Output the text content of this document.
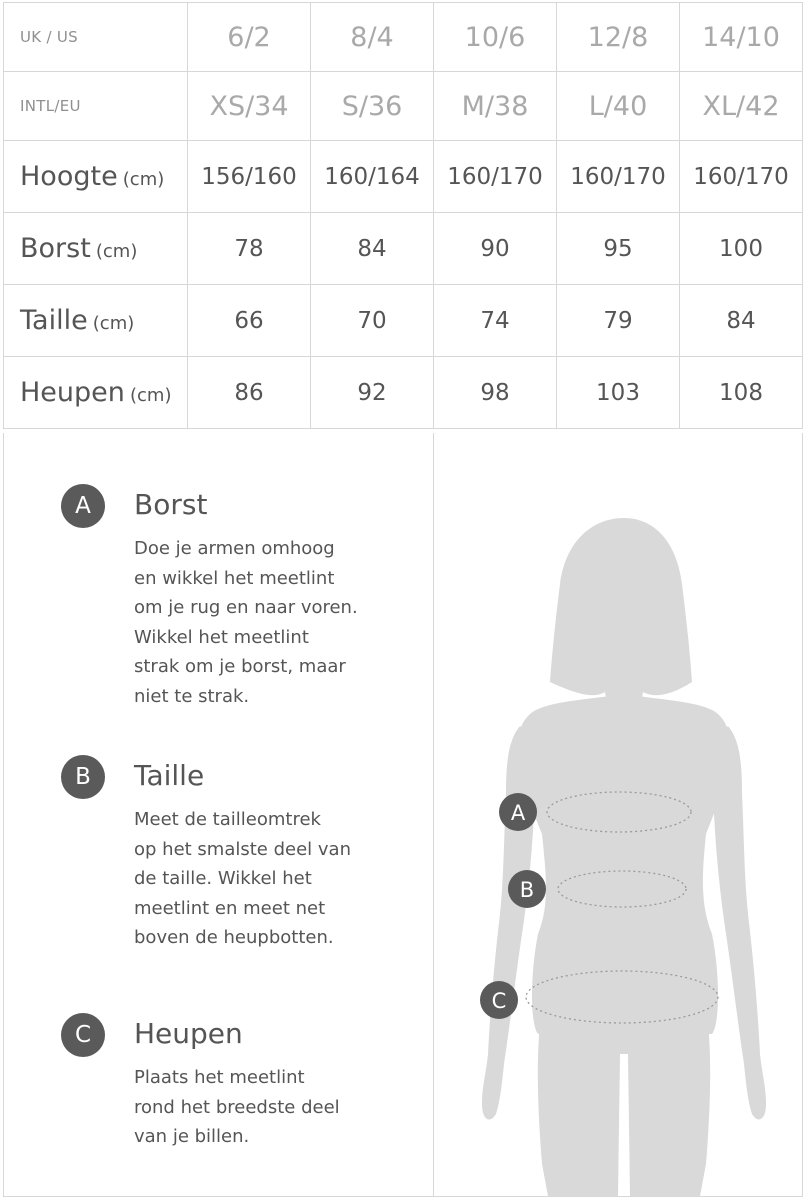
UK / US	6/2	8/4	10/6	12/8	14/10
INTL/EU	XS/34	S/36	M/38	L/40	XL/42
Hoogte (cm)	156/160	160/164	160/170	160/170	160/170
Borst (cm)	78	84	90	95	100
Taille (cm)	66	70	74	79	84
Heupen (cm)	86	92	98	103	108
A	Borst
Doe je armen omhoog
en wikkel het meetlint
om je rug en naar voren.
Wikkel het meetlint
strak om je borst, maar
niet te strak.
B	Taille
Meet de tailleomtrek
op het smalste deel van
de taille. Wikkel het
meetlint en meet net
boven de heupbotten.
C	Heupen
Plaats het meetlint
rond het breedste deel
van je billen.
A
B
C
